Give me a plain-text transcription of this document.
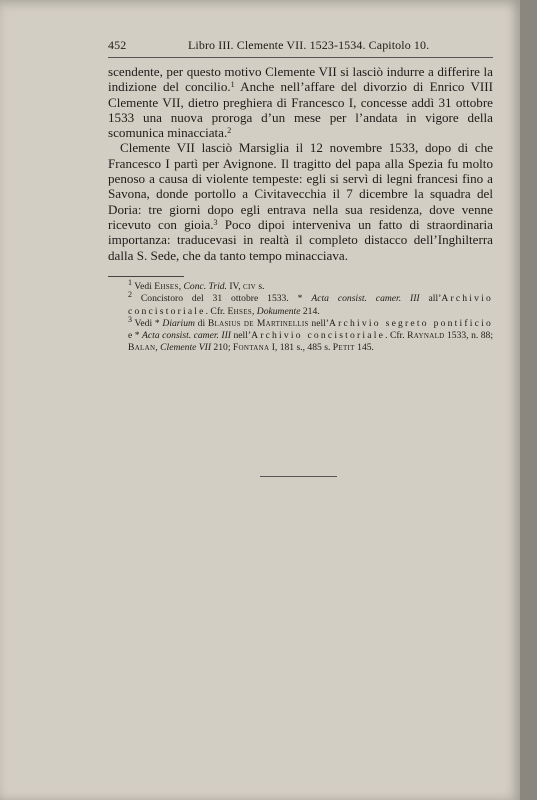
452	Libro III. Clemente VII. 1523-1534. Capitolo 10.

scendente, per questo motivo Clemente VII si lasciò indurre a differire la indizione del concilio.$^1$ Anche nell’affare del divorzio di Enrico VIII Clemente VII, dietro preghiera di Francesco I, concesse addì 31 ottobre 1533 una nuova proroga d’un mese per l’andata in vigore della scomunica minacciata.$^2$

Clemente VII lasciò Marsiglia il 12 novembre 1533, dopo di che Francesco I partì per Avignone. Il tragitto del papa alla Spezia fu molto penoso a causa di violente tempeste: egli si servì di legni francesi fino a Savona, donde portollo a Civitavecchia il 7 dicembre la squadra del Doria: tre giorni dopo egli entrava nella sua residenza, dove venne ricevuto con gioia.$^3$ Poco dipoi interveniva un fatto di straordinaria importanza: traducevasi in realtà il completo distacco dell’Inghilterra dalla S. Sede, che da tanto tempo minacciava.

$^1$ Vedi Ehses, Conc. Trid. IV, civ s.

$^2$ Concistoro del 31 ottobre 1533. * Acta consist. camer. III all’Archivio concistoriale. Cfr. Ehses, Dokumente 214.

$^3$ Vedi * Diarium di Blasius de Martinellis nell’Archivio segreto pontificio e * Acta consist. camer. III nell’Archivio concistoriale. Cfr. Raynald 1533, n. 88; Balan, Clemente VII 210; Fontana I, 181 s., 485 s. Petit 145.
